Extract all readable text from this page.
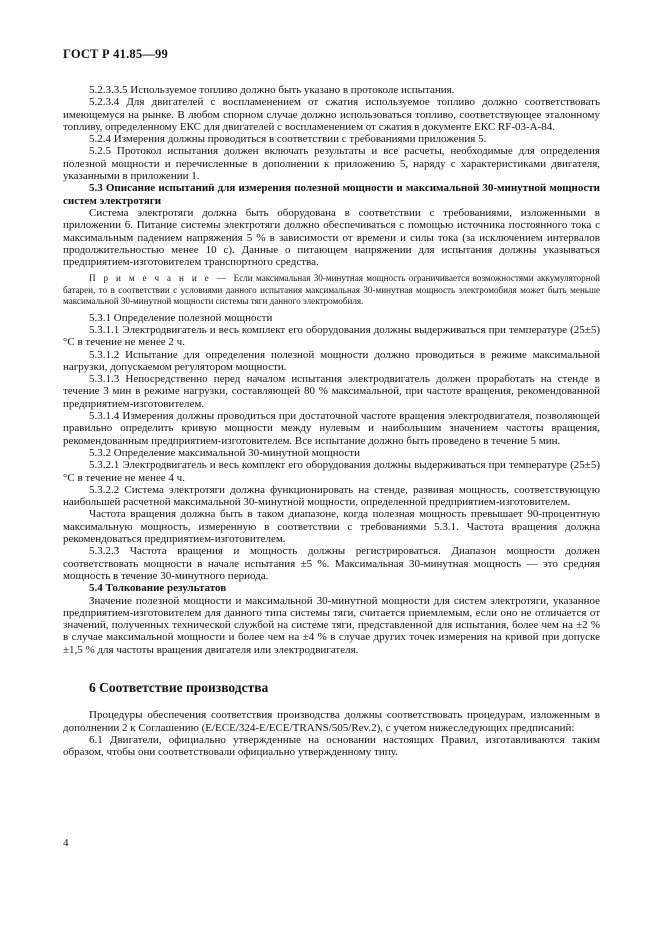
ГОСТ Р 41.85—99

5.2.3.3.5 Используемое топливо должно быть указано в протоколе испытания.

5.2.3.4 Для двигателей с воспламенением от сжатия используемое топливо должно соответствовать имеющемуся на рынке. В любом спорном случае должно использоваться топливо, соответствующее эталонному топливу, определенному ЕКС для двигателей с воспламенением от сжатия в документе ЕКС RF-03-А-84.

5.2.4 Измерения должны проводиться в соответствии с требованиями приложения 5.

5.2.5 Протокол испытания должен включать результаты и все расчеты, необходимые для определения полезной мощности и перечисленные в дополнении к приложению 5, наряду с характеристиками двигателя, указанными в приложении 1.

5.3 Описание испытаний для измерения полезной мощности и максимальной 30-минутной мощности систем электротяги

Система электротяги должна быть оборудована в соответствии с требованиями, изложенными в приложении 6. Питание системы электротяги должно обеспечиваться с помощью источника постоянного тока с максимальным падением напряжения 5 % в зависимости от времени и силы тока (за исключением интервалов продолжительностью менее 10 с). Данные о питающем напряжении для испытания должны указываться предприятием-изготовителем транспортного средства.

П р и м е ч а н и е — Если максимальная 30-минутная мощность ограничивается возможностями аккумуляторной батареи, то в соответствии с условиями данного испытания максимальная 30-минутная мощность электромобиля может быть меньше максимальной 30-минутной мощности системы тяги данного электромобиля.

5.3.1 Определение полезной мощности

5.3.1.1 Электродвигатель и весь комплект его оборудования должны выдерживаться при температуре (25±5) °С в течение не менее 2 ч.

5.3.1.2 Испытание для определения полезной мощности должно проводиться в режиме максимальной нагрузки, допускаемом регулятором мощности.

5.3.1.3 Непосредственно перед началом испытания электродвигатель должен проработать на стенде в течение 3 мин в режиме нагрузки, составляющей 80 % максимальной, при частоте вращения, рекомендованной предприятием-изготовителем.

5.3.1.4 Измерения должны проводиться при достаточной частоте вращения электродвигателя, позволяющей правильно определить кривую мощности между нулевым и наибольшим значением частоты вращения, рекомендованным предприятием-изготовителем. Все испытание должно быть проведено в течение 5 мин.

5.3.2 Определение максимальной 30-минутной мощности

5.3.2.1 Электродвигатель и весь комплект его оборудования должны выдерживаться при температуре (25±5) °С в течение не менее 4 ч.

5.3.2.2 Система электротяги должна функционировать на стенде, развивая мощность, соответствующую наибольшей расчетной максимальной 30-минутной мощности, определенной предприятием-изготовителем.

Частота вращения должна быть в таком диапазоне, когда полезная мощность превышает 90-процентную максимальную мощность, измеренную в соответствии с требованиями 5.3.1. Частота вращения должна рекомендоваться предприятием-изготовителем.

5.3.2.3 Частота вращения и мощность должны регистрироваться. Диапазон мощности должен соответствовать мощности в начале испытания ±5 %. Максимальная 30-минутная мощность — это средняя мощность в течение 30-минутного периода.

5.4 Толкование результатов

Значение полезной мощности и максимальной 30-минутной мощности для систем электротяги, указанное предприятием-изготовителем для данного типа системы тяги, считается приемлемым, если оно не отличается от значений, полученных технической службой на системе тяги, представленной для испытания, более чем на ±2 % в случае максимальной мощности и более чем на ±4 % в случае других точек измерения на кривой при допуске ±1,5 % для частоты вращения двигателя или электродвигателя.

6 Соответствие производства

Процедуры обеспечения соответствия производства должны соответствовать процедурам, изложенным в дополнении 2 к Соглашению (E/ECE/324-E/ECE/TRANS/505/Rev.2), с учетом нижеследующих предписаний:

6.1 Двигатели, официально утвержденные на основании настоящих Правил, изготавливаются таким образом, чтобы они соответствовали официально утвержденному типу.

4
